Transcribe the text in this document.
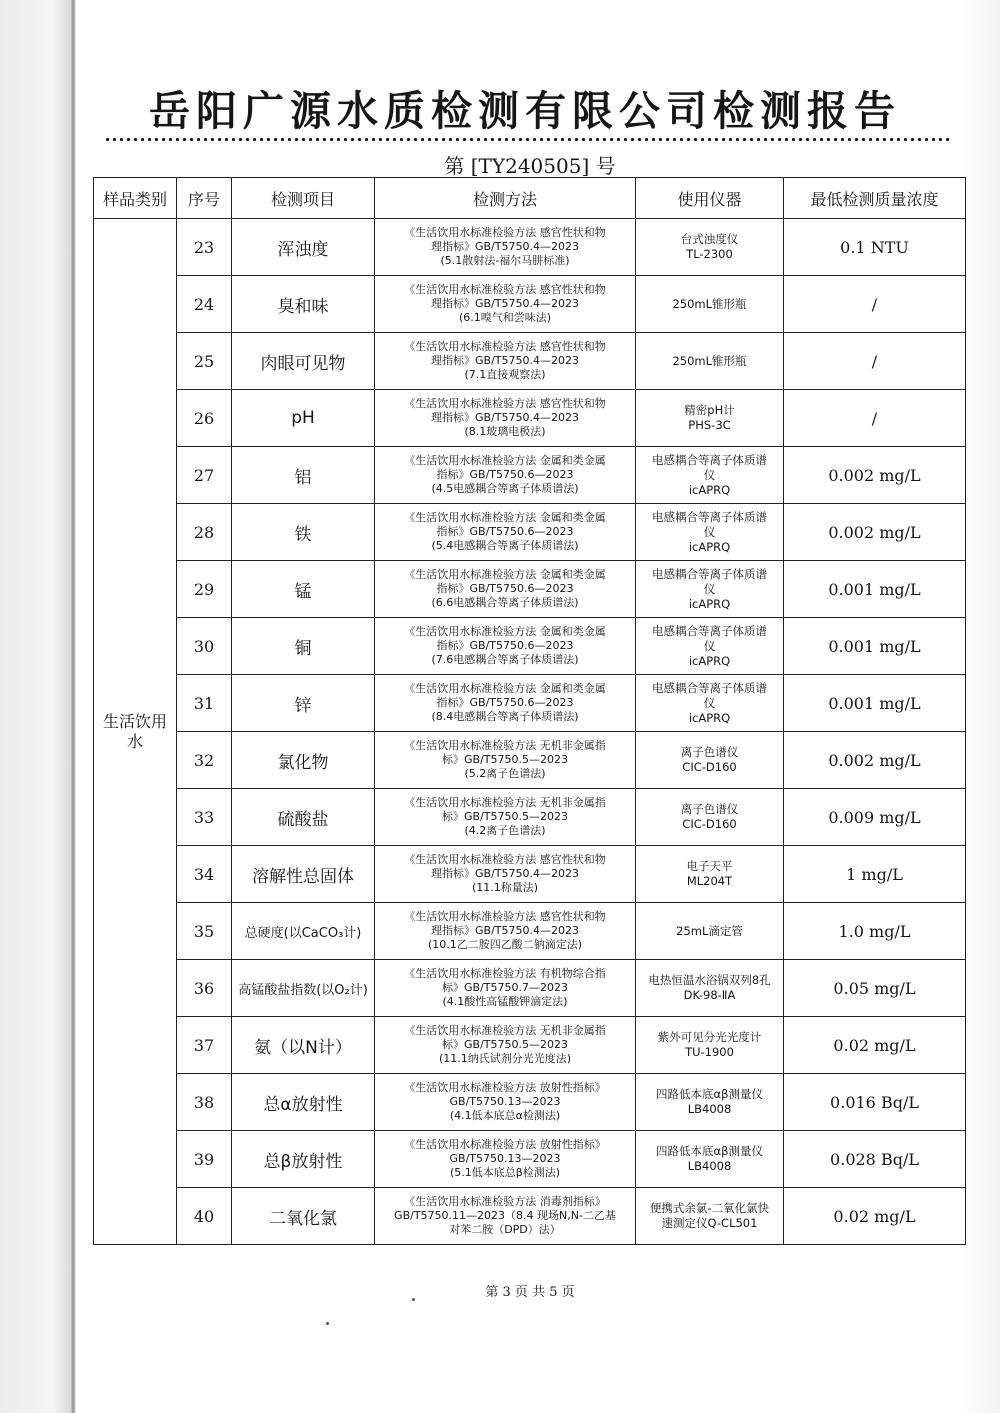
岳阳广源水质检测有限公司检测报告
第 [TY240505] 号
样品类别	序号	检测项目	检测方法	使用仪器	最低检测质量浓度
生活饮用水	23	浑浊度	《生活饮用水标准检验方法 感官性状和物
理指标》GB/T5750.4—2023
(5.1散射法-福尔马肼标准)	台式浊度仪
TL-2300	0.1 NTU
	24	臭和味	《生活饮用水标准检验方法 感官性状和物
理指标》GB/T5750.4—2023
(6.1嗅气和尝味法)	250mL锥形瓶	/
	25	肉眼可见物	《生活饮用水标准检验方法 感官性状和物
理指标》GB/T5750.4—2023
(7.1直接观察法)	250mL锥形瓶	/
	26	pH	《生活饮用水标准检验方法 感官性状和物
理指标》GB/T5750.4—2023
(8.1玻璃电极法)	精密pH计
PHS-3C	/
	27	铝	《生活饮用水标准检验方法 金属和类金属
指标》GB/T5750.6—2023
(4.5电感耦合等离子体质谱法)	电感耦合等离子体质谱
仪
icAPRQ	0.002 mg/L
	28	铁	《生活饮用水标准检验方法 金属和类金属
指标》GB/T5750.6—2023
(5.4电感耦合等离子体质谱法)	电感耦合等离子体质谱
仪
icAPRQ	0.002 mg/L
	29	锰	《生活饮用水标准检验方法 金属和类金属
指标》GB/T5750.6—2023
(6.6电感耦合等离子体质谱法)	电感耦合等离子体质谱
仪
icAPRQ	0.001 mg/L
	30	铜	《生活饮用水标准检验方法 金属和类金属
指标》GB/T5750.6—2023
(7.6电感耦合等离子体质谱法)	电感耦合等离子体质谱
仪
icAPRQ	0.001 mg/L
	31	锌	《生活饮用水标准检验方法 金属和类金属
指标》GB/T5750.6—2023
(8.4电感耦合等离子体质谱法)	电感耦合等离子体质谱
仪
icAPRQ	0.001 mg/L
	32	氯化物	《生活饮用水标准检验方法 无机非金属指
标》GB/T5750.5—2023
(5.2离子色谱法)	离子色谱仪
CIC-D160	0.002 mg/L
	33	硫酸盐	《生活饮用水标准检验方法 无机非金属指
标》GB/T5750.5—2023
(4.2离子色谱法)	离子色谱仪
CIC-D160	0.009 mg/L
	34	溶解性总固体	《生活饮用水标准检验方法 感官性状和物
理指标》GB/T5750.4—2023
(11.1称量法)	电子天平
ML204T	1 mg/L
	35	总硬度(以CaCO₃计)	《生活饮用水标准检验方法 感官性状和物
理指标》GB/T5750.4—2023
(10.1乙二胺四乙酸二钠滴定法)	25mL滴定管	1.0 mg/L
	36	高锰酸盐指数(以O₂计)	《生活饮用水标准检验方法 有机物综合指
标》GB/T5750.7—2023
(4.1酸性高锰酸钾滴定法)	电热恒温水浴锅双列8孔
DK-98-ⅡA	0.05 mg/L
	37	氨（以N计）	《生活饮用水标准检验方法 无机非金属指
标》GB/T5750.5—2023
(11.1纳氏试剂分光光度法)	紫外可见分光光度计
TU-1900	0.02 mg/L
	38	总α放射性	《生活饮用水标准检验方法 放射性指标》
GB/T5750.13—2023
(4.1低本底总α检测法)	四路低本底αβ测量仪
LB4008	0.016 Bq/L
	39	总β放射性	《生活饮用水标准检验方法 放射性指标》
GB/T5750.13—2023
(5.1低本底总β检测法)	四路低本底αβ测量仪
LB4008	0.028 Bq/L
	40	二氧化氯	《生活饮用水标准检验方法 消毒剂指标》
GB/T5750.11—2023（8.4 现场N,N-二乙基
对苯二胺（DPD）法）	便携式余氯-二氧化氯快
速测定仪Q-CL501	0.02 mg/L
第 3 页 共 5 页
